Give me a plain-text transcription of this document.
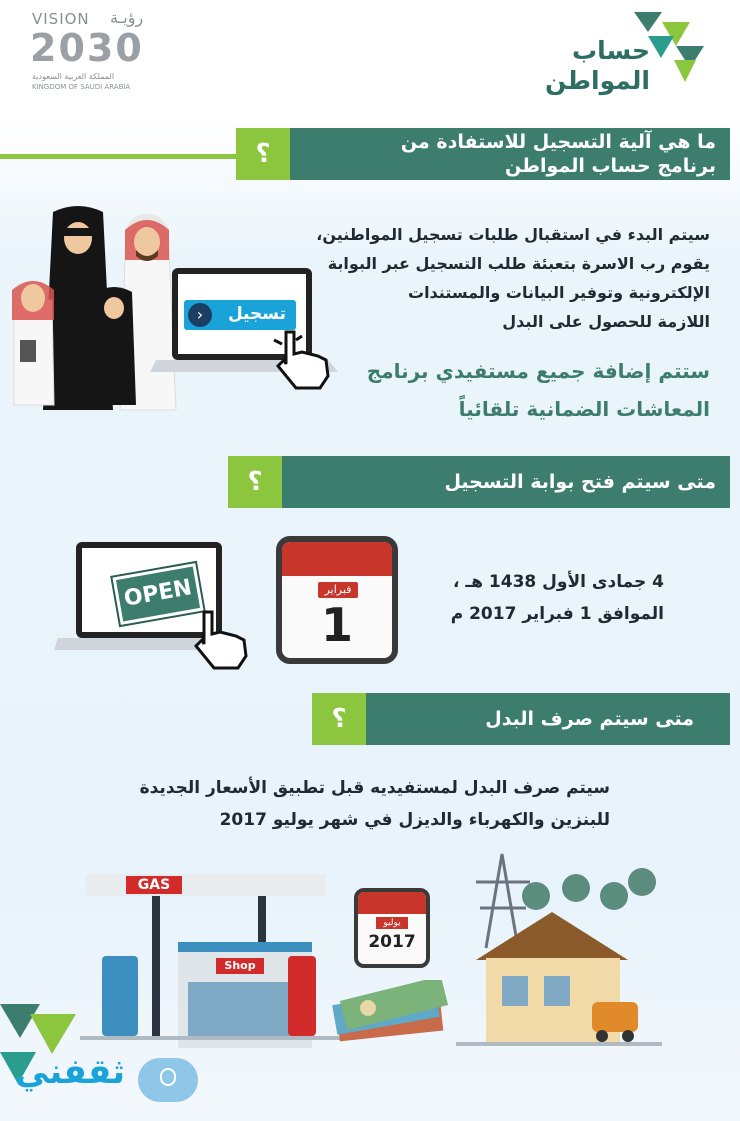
VISION رؤيـة
2030
المملكة العربية السعودية
KINGDOM OF SAUDI ARABIA
حساب
المواطن
؟	ما هي آلية التسجيل للاستفادة من
برنامج حساب المواطن
›	تسجيل
سيتم البدء في استقبال طلبات تسجيل المواطنين،
يقوم رب الاسرة بتعبئة طلب التسجيل عبر البوابة
الإلكترونية وتوفير البيانات والمستندات
اللازمة للحصول على البدل
ستتم إضافة جميع مستفيدي برنامج
المعاشات الضمانية تلقائياً
؟	متى سيتم فتح بوابة التسجيل
OPEN	فبراير
1
4 جمادى الأول 1438 هـ ،
الموافق 1 فبراير 2017 م
؟	متى سيتم صرف البدل
سيتم صرف البدل لمستفيديه قبل تطبيق الأسعار الجديدة
للبنزين والكهرباء والديزل في شهر يوليو 2017
GAS
Shop
يوليو
2017
ثقفني
